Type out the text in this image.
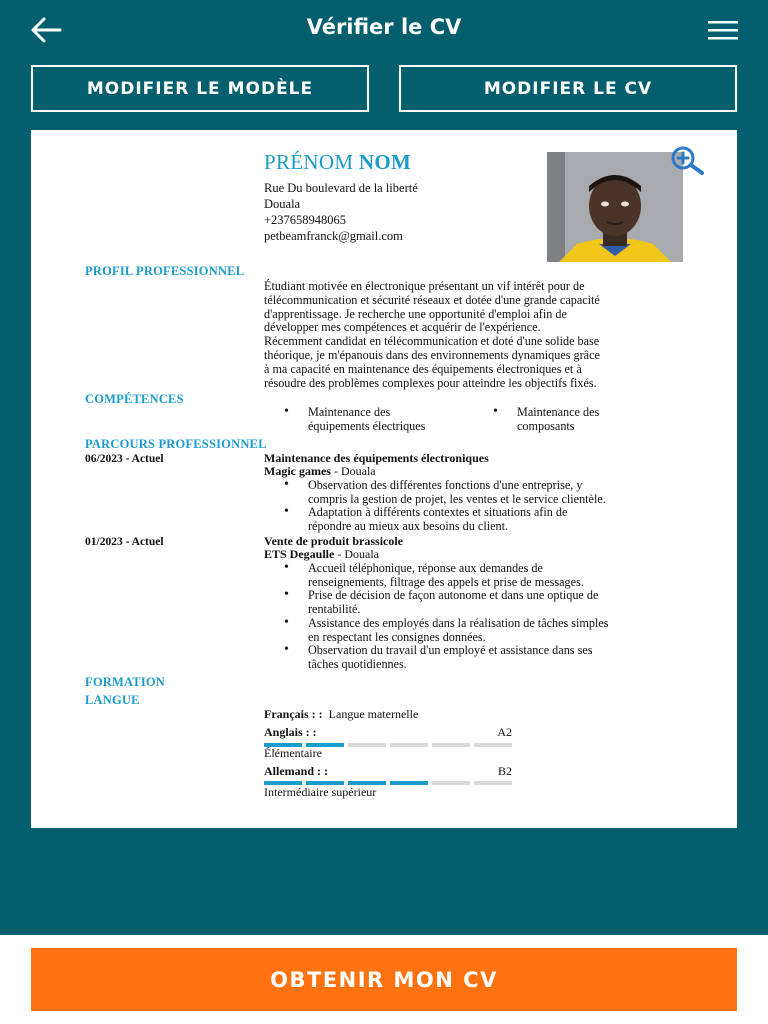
Vérifier le CV
MODIFIER LE MODÈLE	MODIFIER LE CV
PRÉNOM NOM
Rue Du boulevard de la liberté
Douala
+237658948065
petbeamfranck@gmail.com
PROFIL PROFESSIONNEL
Étudiant motivée en électronique présentant un vif intérêt pour de
télécommunication et sécurité réseaux et dotée d'une grande capacité
d'apprentissage. Je recherche une opportunité d'emploi afin de
développer mes compétences et acquérir de l'expérience.
Récemment candidat en télécommunication et doté d'une solide base
théorique, je m'épanouis dans des environnements dynamiques grâce
à ma capacité en maintenance des équipements électroniques et à
résoudre des problèmes complexes pour atteindre les objectifs fixés.
COMPÉTENCES
• Maintenance des
équipements électriques
• Maintenance des
composants
PARCOURS PROFESSIONNEL
06/2023 - Actuel	Maintenance des équipements électroniques
Magic games - Douala
• Observation des différentes fonctions d'une entreprise, y
compris la gestion de projet, les ventes et le service clientèle.
• Adaptation à différents contextes et situations afin de
répondre au mieux aux besoins du client.
01/2023 - Actuel	Vente de produit brassicole
ETS Degaulle - Douala
• Accueil téléphonique, réponse aux demandes de
renseignements, filtrage des appels et prise de messages.
• Prise de décision de façon autonome et dans une optique de
rentabilité.
• Assistance des employés dans la réalisation de tâches simples
en respectant les consignes données.
• Observation du travail d'un employé et assistance dans ses
tâches quotidiennes.
FORMATION
LANGUE
Français : : Langue maternelle
Anglais : :	A2
Élémentaire
Allemand : :	B2
Intermédiaire supérieur
OBTENIR MON CV
